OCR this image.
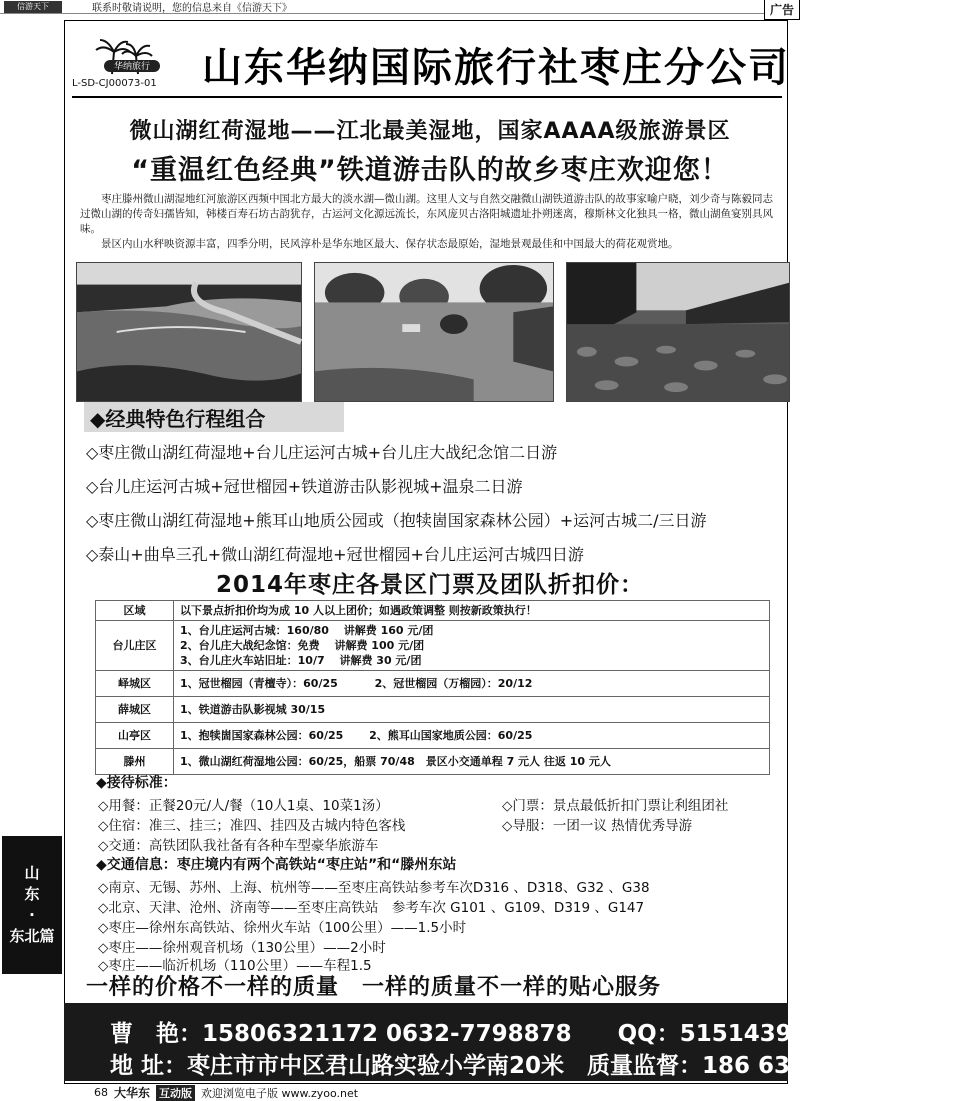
信游天下	联系时敬请说明，您的信息来自《信游天下》	广告
华纳旅行
L-SD-CJ00073-01 山东华纳国际旅行社枣庄分公司
微山湖红荷湿地——江北最美湿地，国家AAAA级旅游景区
“重温红色经典”铁道游击队的故乡枣庄欢迎您！

枣庄滕州微山湖湿地红河旅游区西频中国北方最大的淡水湖—微山湖。这里人文与自然交融微山湖铁道游击队的故事家喻户晓，刘少奇与陈毅同志过微山湖的传奇妇孺皆知，韩楼百寿石坊古韵犹存，古运河文化源远流长，东风庞贝古洛阳城遗址扑朔迷离，穆斯林文化独具一格，微山湖鱼宴别具风味。

景区内山水秤映资源丰富，四季分明，民风淳朴是华东地区最大、保存状态最原始，湿地景观最佳和中国最大的荷花观赏地。

◆经典特色行程组合
◇枣庄微山湖红荷湿地+台儿庄运河古城+台儿庄大战纪念馆二日游
◇台儿庄运河古城+冠世榴园+铁道游击队影视城+温泉二日游
◇枣庄微山湖红荷湿地+熊耳山地质公园或（抱犊崮国家森林公园）+运河古城二/三日游
◇泰山+曲阜三孔+微山湖红荷湿地+冠世榴园+台儿庄运河古城四日游
2014年枣庄各景区门票及团队折扣价：
区域	以下景点折扣价均为成 10 人以上团价；如遇政策调整 则按新政策执行！
台儿庄区	1、台儿庄运河古城：160/80　 讲解费 160 元/团
2、台儿庄大战纪念馆：免费　 讲解费 100 元/团
3、台儿庄火车站旧址：10/7　 讲解费 30 元/团

峄城区	1、冠世榴园（青檀寺）：60/25　　　 2、冠世榴园（万榴园）：20/12

薛城区	1、铁道游击队影视城 30/15

山亭区	1、抱犊崮国家森林公园：60/25　　 2、熊耳山国家地质公园：60/25

滕州	1、微山湖红荷湿地公园：60/25，船票 70/48　景区小交通单程 7 元人 往返 10 元人
◆接待标准：
◇用餐：正餐20元/人/餐（10人1桌、10菜1汤）	◇门票：景点最低折扣门票让利组团社
◇住宿：准三、挂三；准四、挂四及古城内特色客栈	◇导服：一团一议 热情优秀导游
◇交通：高铁团队我社备有各种车型豪华旅游车
◆交通信息：枣庄境内有两个高铁站“枣庄站”和“滕州东站
◇南京、无锡、苏州、上海、杭州等——至枣庄高铁站参考车次D316 、D318、G32 、G38
◇北京、天津、沧州、济南等——至枣庄高铁站　参考车次 G101 、G109、D319 、G147
◇枣庄—徐州东高铁站、徐州火车站（100公里）——1.5小时
◇枣庄——徐州观音机场（130公里）——2小时
◇枣庄——临沂机场（110公里）——车程1.5
一样的价格不一样的质量　一样的质量不一样的贴心服务
曹　艳：15806321172 0632-7798878　　QQ：515143939 415683650
地 址：枣庄市市中区君山路实验小学南20米　质量监督：186 6326 3727
山
东
·
东北篇
68 大华东 互动版 欢迎浏览电子版 www.zyoo.net
